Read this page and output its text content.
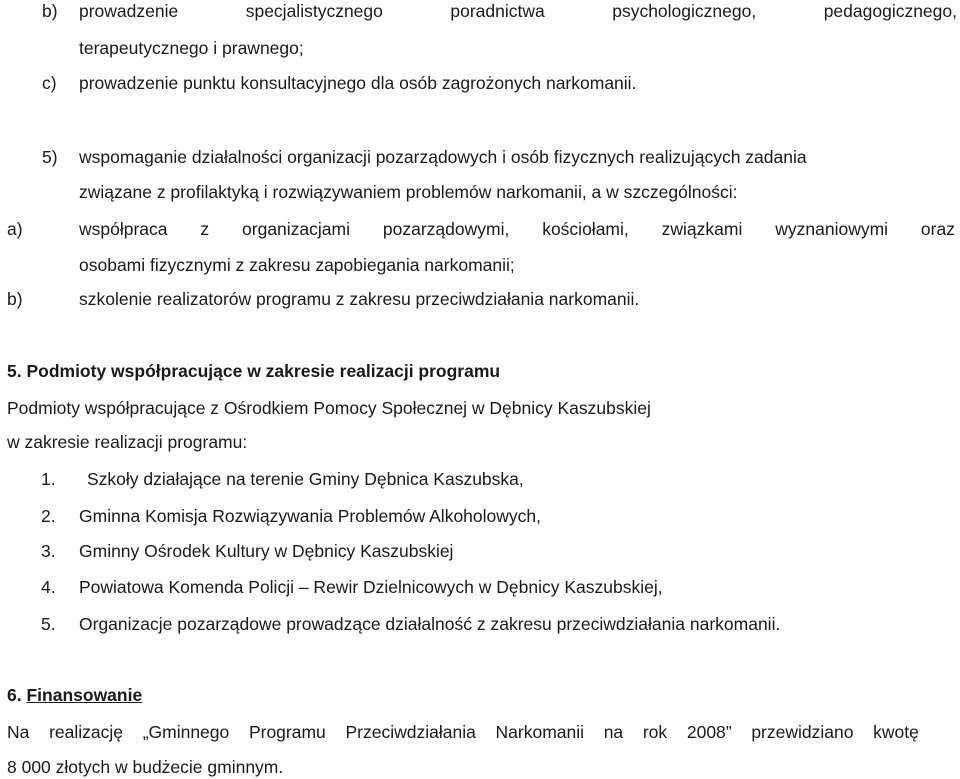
b) prowadzenie	specjalistycznego	poradnictwa	psychologicznego,	pedagogicznego,
terapeutycznego i prawnego;
c) prowadzenie punktu konsultacyjnego dla osób zagrożonych narkomanii.
5) wspomaganie działalności organizacji pozarządowych i osób fizycznych realizujących zadania
związane z profilaktyką i rozwiązywaniem problemów narkomanii, a w szczególności:
a)	współpraca z organizacjami pozarządowymi, kościołami, związkami wyznaniowymi oraz
osobami fizycznymi z zakresu zapobiegania narkomanii;
b)	szkolenie realizatorów programu z zakresu przeciwdziałania narkomanii.
5. Podmioty współpracujące w zakresie realizacji programu
Podmioty współpracujące z Ośrodkiem Pomocy Społecznej w Dębnicy Kaszubskiej
w zakresie realizacji programu:
1. Szkoły działające na terenie Gminy Dębnica Kaszubska,
2. Gminna Komisja Rozwiązywania Problemów Alkoholowych,
3. Gminny Ośrodek Kultury w Dębnicy Kaszubskiej
4. Powiatowa Komenda Policji – Rewir Dzielnicowych w Dębnicy Kaszubskiej,
5. Organizacje pozarządowe prowadzące działalność z zakresu przeciwdziałania narkomanii.
6. Finansowanie
Na realizację „Gminnego Programu Przeciwdziałania Narkomanii na rok 2008” przewidziano kwotę
8 000 złotych w budżecie gminnym.
